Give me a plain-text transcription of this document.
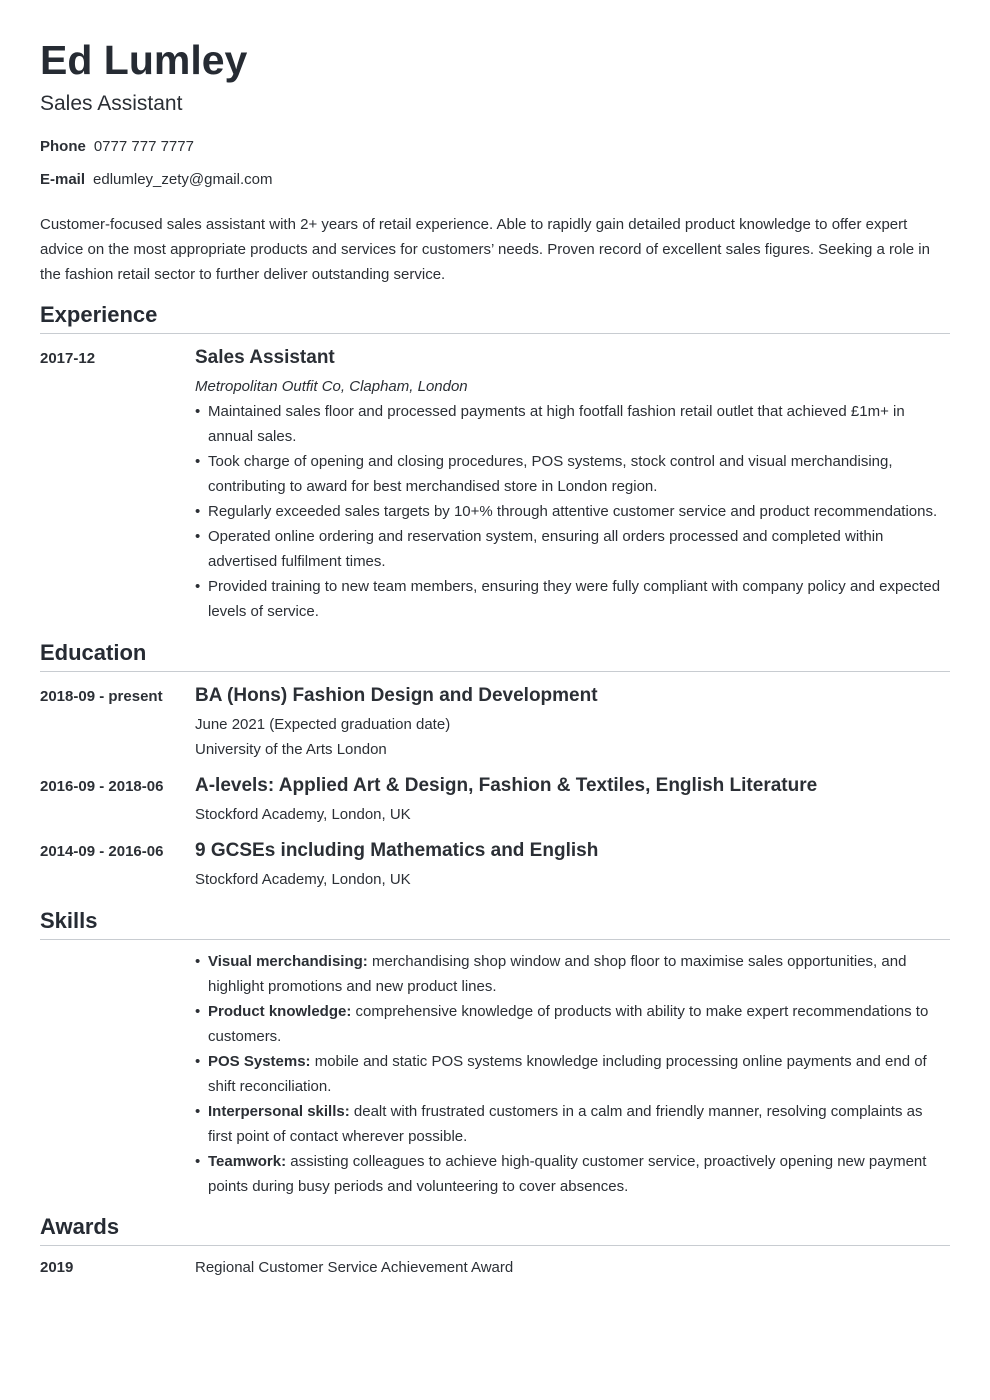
Ed Lumley
Sales Assistant
Phone 0777 777 7777
E-mail edlumley_zety@gmail.com

Customer-focused sales assistant with 2+ years of retail experience. Able to rapidly gain detailed product knowledge to offer expert advice on the most appropriate products and services for customers’ needs. Proven record of excellent sales figures. Seeking a role in the fashion retail sector to further deliver outstanding service.

Experience
2017-12	Sales Assistant
Metropolitan Outfit Co, Clapham, London
• Maintained sales floor and processed payments at high footfall fashion retail outlet that achieved £1m+ in annual sales.
• Took charge of opening and closing procedures, POS systems, stock control and visual merchandising, contributing to award for best merchandised store in London region.
• Regularly exceeded sales targets by 10+% through attentive customer service and product recommendations.
• Operated online ordering and reservation system, ensuring all orders processed and completed within advertised fulfilment times.
• Provided training to new team members, ensuring they were fully compliant with company policy and expected levels of service.
Education
2018-09 - present BA (Hons) Fashion Design and Development
June 2021 (Expected graduation date)
University of the Arts London
2016-09 - 2018-06 A-levels: Applied Art & Design, Fashion & Textiles, English Literature
Stockford Academy, London, UK
2014-09 - 2016-06 9 GCSEs including Mathematics and English
Stockford Academy, London, UK
Skills
• Visual merchandising: merchandising shop window and shop floor to maximise sales opportunities, and highlight promotions and new product lines.
• Product knowledge: comprehensive knowledge of products with ability to make expert recommendations to customers.
• POS Systems: mobile and static POS systems knowledge including processing online payments and end of shift reconciliation.
• Interpersonal skills: dealt with frustrated customers in a calm and friendly manner, resolving complaints as first point of contact wherever possible.
• Teamwork: assisting colleagues to achieve high-quality customer service, proactively opening new payment points during busy periods and volunteering to cover absences.
Awards
2019	Regional Customer Service Achievement Award
